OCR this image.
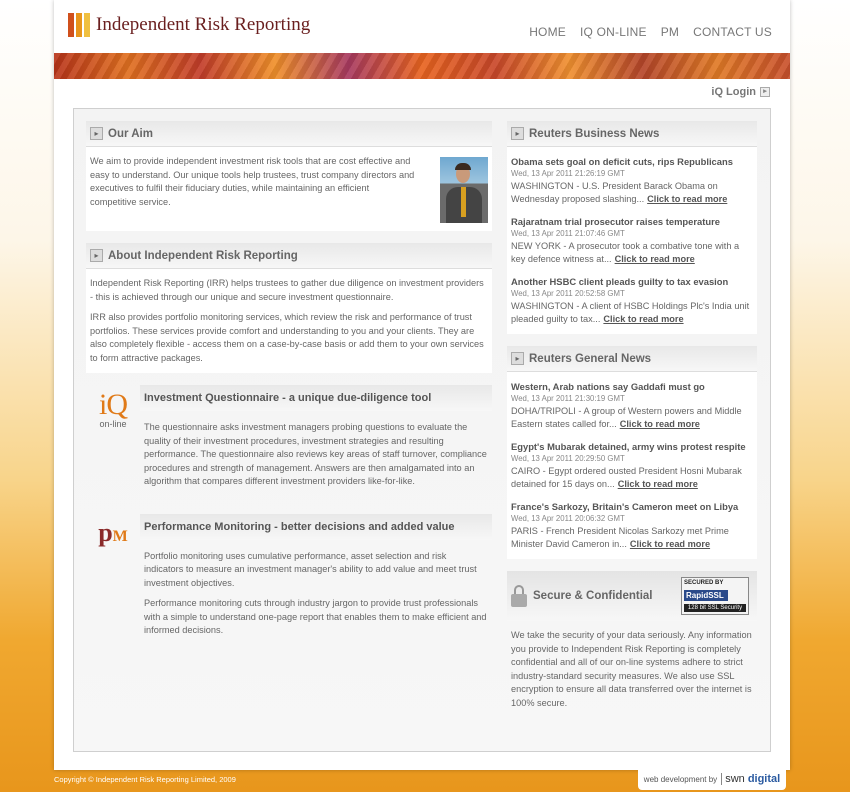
Independent Risk Reporting	HOME IQ ON-LINE PM CONTACT US
iQ Login	▸
▸ Our Aim

We aim to provide independent investment risk tools that are cost effective and easy to understand. Our unique tools help trustees, trust company directors and executives to fulfil their fiduciary duties, while maintaining an efficient competitive service.

▸ About Independent Risk Reporting

Independent Risk Reporting (IRR) helps trustees to gather due diligence on investment providers - this is achieved through our unique and secure investment questionnaire.

IRR also provides portfolio monitoring services, which review the risk and performance of trust portfolios. These services provide comfort and understanding to you and your clients. They are also completely flexible - access them on a case-by-case basis or add them to your own services to form attractive packages.

iQ
on-line
Investment Questionnaire - a unique due-diligence tool

The questionnaire asks investment managers probing questions to evaluate the quality of their investment procedures, investment strategies and resulting performance. The questionnaire also reviews key areas of staff turnover, compliance procedures and strength of management. Answers are then amalgamated into an algorithm that compares different investment providers like-for-like.

pM
Performance Monitoring - better decisions and added value

Portfolio monitoring uses cumulative performance, asset selection and risk indicators to measure an investment manager's ability to add value and meet trust investment objectives.

Performance monitoring cuts through industry jargon to provide trust professionals with a simple to understand one-page report that enables them to make efficient and informed decisions.

▸ Reuters Business News
Obama sets goal on deficit cuts, rips Republicans
Wed, 13 Apr 2011 21:26:19 GMT
WASHINGTON - U.S. President Barack Obama on Wednesday proposed slashing... Click to read more
Rajaratnam trial prosecutor raises temperature
Wed, 13 Apr 2011 21:07:46 GMT
NEW YORK - A prosecutor took a combative tone with a key defence witness at... Click to read more
Another HSBC client pleads guilty to tax evasion
Wed, 13 Apr 2011 20:52:58 GMT
WASHINGTON - A client of HSBC Holdings Plc's India unit pleaded guilty to tax... Click to read more
▸ Reuters General News
Western, Arab nations say Gaddafi must go
Wed, 13 Apr 2011 21:30:19 GMT
DOHA/TRIPOLI - A group of Western powers and Middle Eastern states called for... Click to read more
Egypt's Mubarak detained, army wins protest respite
Wed, 13 Apr 2011 20:29:50 GMT
CAIRO - Egypt ordered ousted President Hosni Mubarak detained for 15 days on... Click to read more
France's Sarkozy, Britain's Cameron meet on Libya
Wed, 13 Apr 2011 20:06:32 GMT
PARIS - French President Nicolas Sarkozy met Prime Minister David Cameron in... Click to read more
Secure & Confidential
SECURED BY
RapidSSL
128 bit SSL Security

We take the security of your data seriously. Any information you provide to Independent Risk Reporting is completely confidential and all of our on-line systems adhere to strict industry-standard security measures. We also use SSL encryption to ensure all data transferred over the internet is 100% secure.

Copyright © Independent Risk Reporting Limited, 2009	web development by swn digital
